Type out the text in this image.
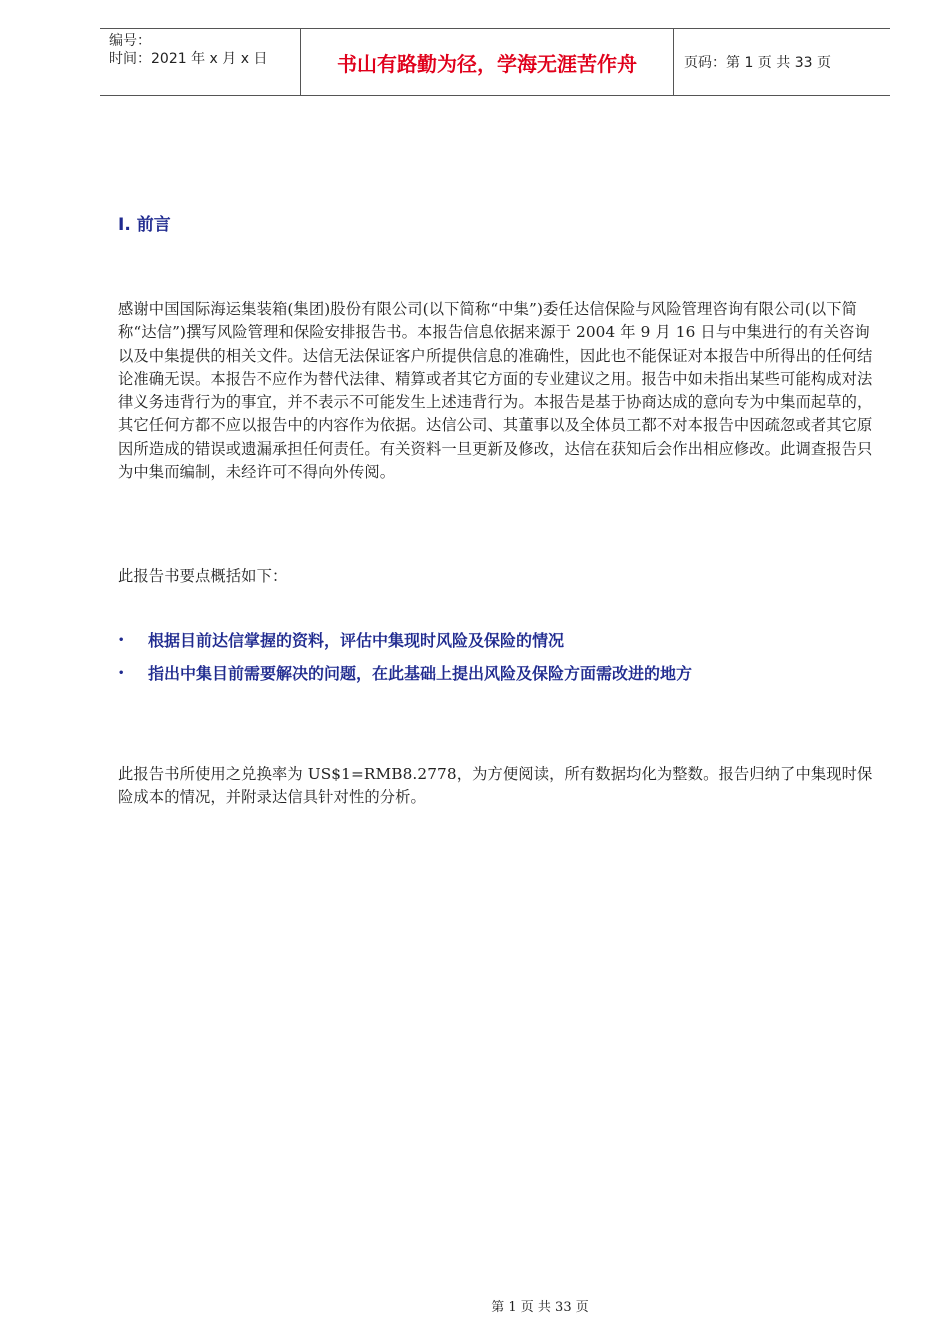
编号：
时间：2021 年 x 月 x 日	书山有路勤为径，学海无涯苦作舟	页码：第 1 页 共 33 页
I. 前言

感谢中国国际海运集装箱(集团)股份有限公司(以下简称“中集”)委任达信保险与风险管理咨询有限公司(以下简称“达信”)撰写风险管理和保险安排报告书。本报告信息依据来源于 2004 年 9 月 16 日与中集进行的有关咨询以及中集提供的相关文件。达信无法保证客户所提供信息的准确性，因此也不能保证对本报告中所得出的任何结论准确无误。本报告不应作为替代法律、精算或者其它方面的专业建议之用。报告中如未指出某些可能构成对法律义务违背行为的事宜，并不表示不可能发生上述违背行为。本报告是基于协商达成的意向专为中集而起草的，其它任何方都不应以报告中的内容作为依据。达信公司、其董事以及全体员工都不对本报告中因疏忽或者其它原因所造成的错误或遗漏承担任何责任。有关资料一旦更新及修改，达信在获知后会作出相应修改。此调查报告只为中集而编制，未经许可不得向外传阅。

此报告书要点概括如下：

• 根据目前达信掌握的资料，评估中集现时风险及保险的情况
• 指出中集目前需要解决的问题，在此基础上提出风险及保险方面需改进的地方

此报告书所使用之兑换率为 US$1=RMB8.2778，为方便阅读，所有数据均化为整数。报告归纳了中集现时保险成本的情况，并附录达信具针对性的分析。

第 1 页 共 33 页
